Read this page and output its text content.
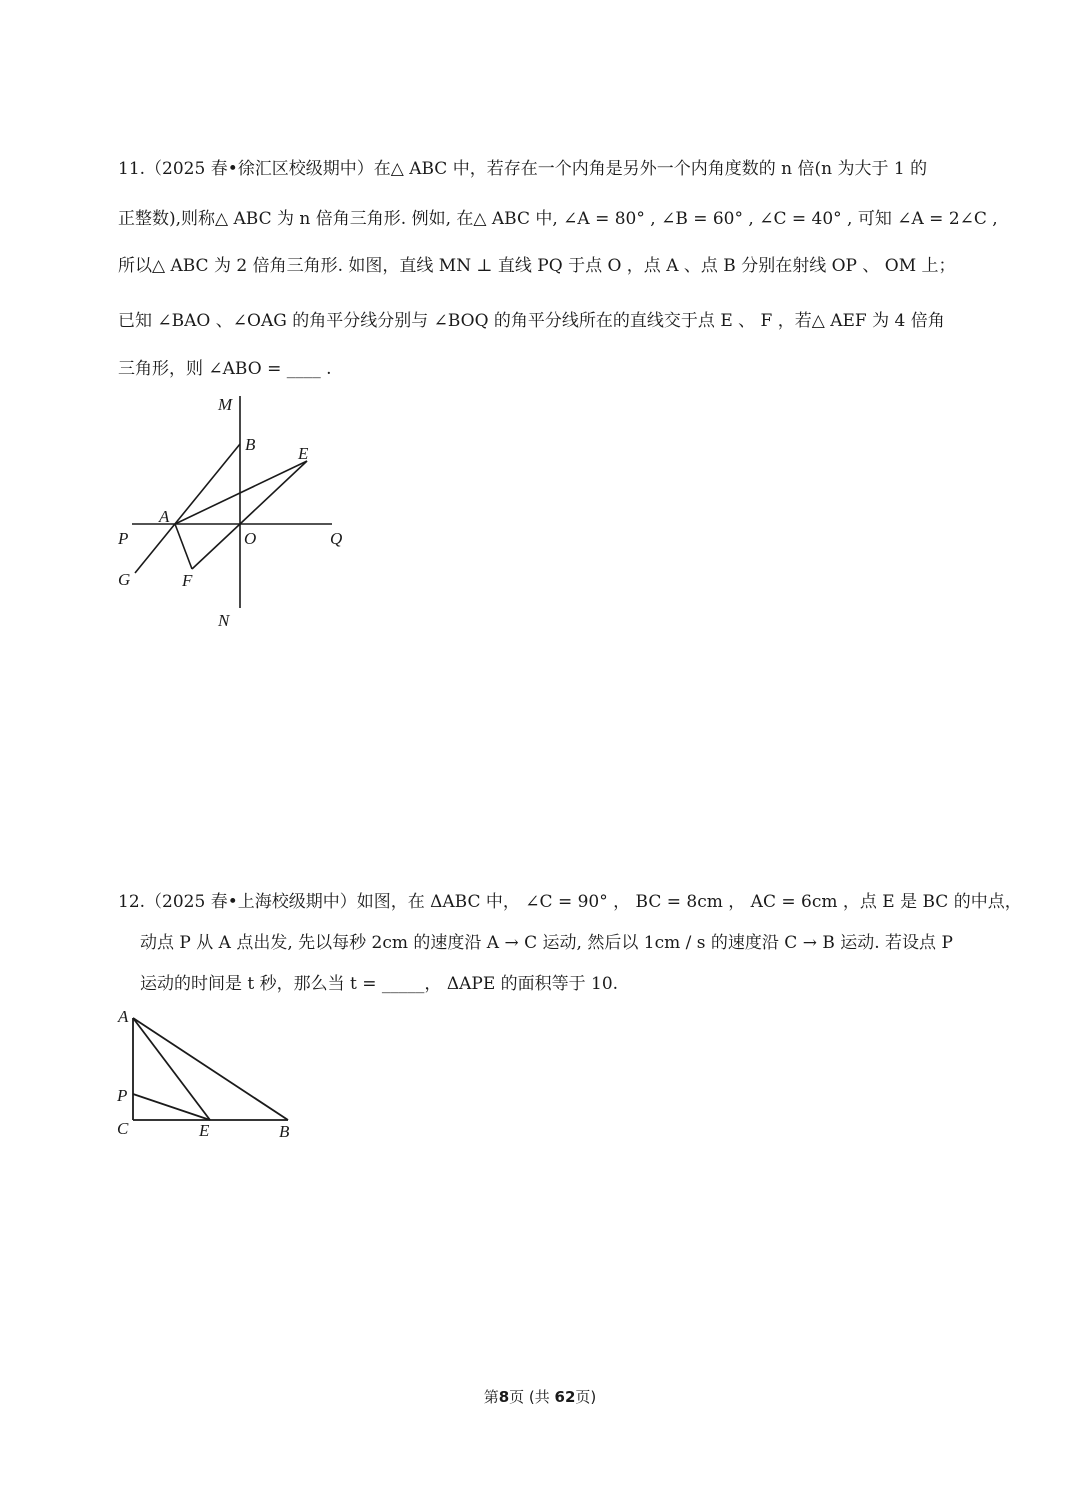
11.（2025 春•徐汇区校级期中）在△ ABC 中，若存在一个内角是另外一个内角度数的 n 倍(n 为大于 1 的
正整数),则称△ ABC 为 n 倍角三角形. 例如, 在△ ABC 中, ∠A = 80° , ∠B = 60° , ∠C = 40° , 可知 ∠A = 2∠C ,
所以△ ABC 为 2 倍角三角形. 如图，直线 MN ⊥ 直线 PQ 于点 O ，点 A 、点 B 分别在射线 OP 、 OM 上；
已知 ∠BAO 、∠OAG 的角平分线分别与 ∠BOQ 的角平分线所在的直线交于点 E 、 F ，若△ AEF 为 4 倍角
三角形，则 ∠ABO = ____ .
M
B	E
A
P	O	Q
G	F
N
12.（2025 春•上海校级期中）如图，在 ΔABC 中， ∠C = 90° ， BC = 8cm ， AC = 6cm ，点 E 是 BC 的中点，
动点 P 从 A 点出发, 先以每秒 2cm 的速度沿 A → C 运动, 然后以 1cm / s 的速度沿 C → B 运动. 若设点 P
运动的时间是 t 秒，那么当 t = _____， ΔAPE 的面积等于 10.
A
P
C	E	B
第8页 (共 62页)
